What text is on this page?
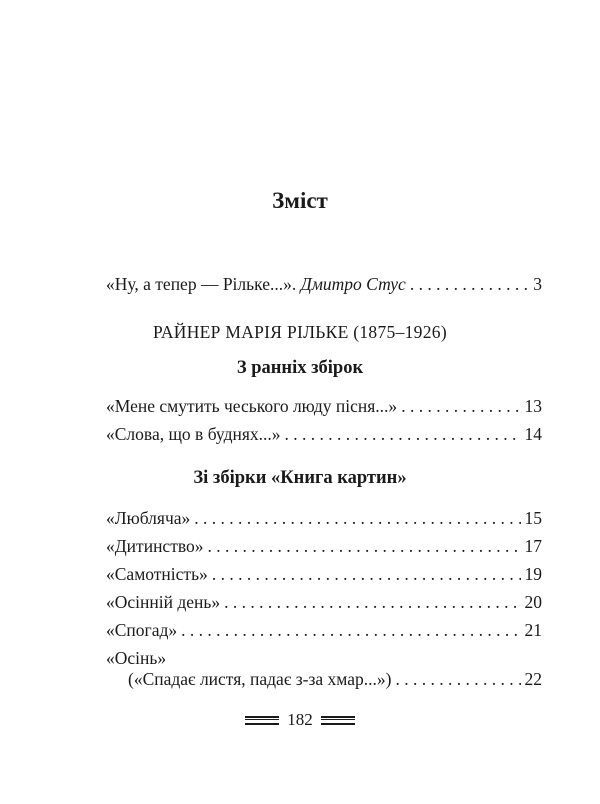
Зміст
«Ну, а тепер — Рільке...». Дмитро Стус . . .	3
РАЙНЕР МАРІЯ РІЛЬКЕ (1875–1926)
З ранніх збірок
«Мене смутить чеського люду пісня...» . . .	13
«Слова, що в буднях...» . . .	14
Зі збірки «Книга картин»
«Любляча» . . .	15
«Дитинство» . . .	17
«Самотність» . . .	19
«Осінній день» . . .	20
«Спогад» . . .	21
«Осінь»
(«Спадає листя, падає з-за хмар...») . . .	22
182
